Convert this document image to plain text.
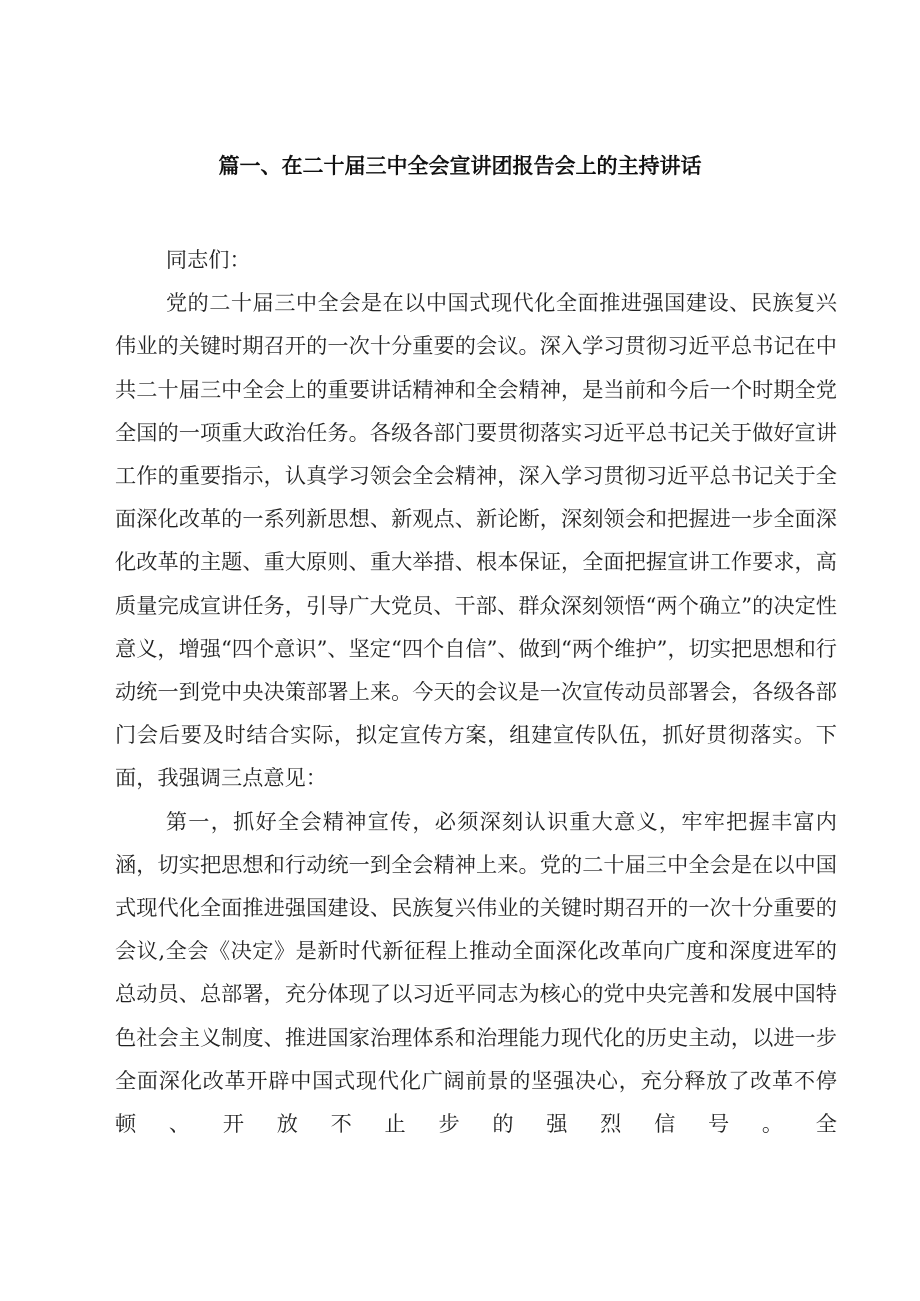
篇一、在二十届三中全会宣讲团报告会上的主持讲话

同志们：

党的二十届三中全会是在以中国式现代化全面推进强国建设、民族复兴伟业的关键时期召开的一次十分重要的会议。深入学习贯彻习近平总书记在中共二十届三中全会上的重要讲话精神和全会精神，是当前和今后一个时期全党全国的一项重大政治任务。各级各部门要贯彻落实习近平总书记关于做好宣讲工作的重要指示，认真学习领会全会精神，深入学习贯彻习近平总书记关于全面深化改革的一系列新思想、新观点、新论断，深刻领会和把握进一步全面深化改革的主题、重大原则、重大举措、根本保证，全面把握宣讲工作要求，高质量完成宣讲任务，引导广大党员、干部、群众深刻领悟“两个确立”的决定性意义，增强“四个意识”、坚定“四个自信”、做到“两个维护”，切实把思想和行动统一到党中央决策部署上来。今天的会议是一次宣传动员部署会，各级各部门会后要及时结合实际，拟定宣传方案，组建宣传队伍，抓好贯彻落实。下面，我强调三点意见：

第一，抓好全会精神宣传，必须深刻认识重大意义，牢牢把握丰富内涵，切实把思想和行动统一到全会精神上来。党的二十届三中全会是在以中国式现代化全面推进强国建设、民族复兴伟业的关键时期召开的一次十分重要的会议,全会《决定》是新时代新征程上推动全面深化改革向广度和深度进军的总动员、总部署，充分体现了以习近平同志为核心的党中央完善和发展中国特色社会主义制度、推进国家治理体系和治理能力现代化的历史主动，以进一步全面深化改革开辟中国式现代化广阔前景的坚强决心，充分释放了改革不停顿、开放不止步的强烈信号。全
